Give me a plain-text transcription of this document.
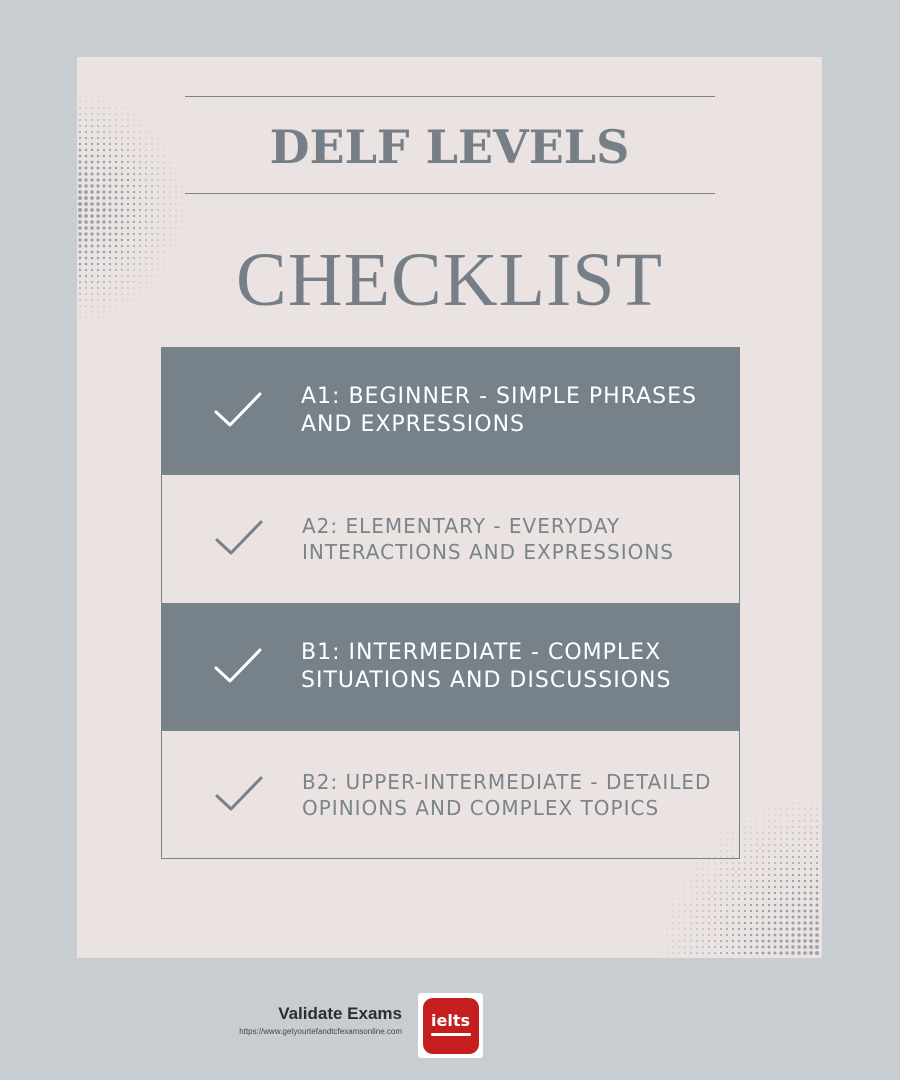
DELF LEVELS
CHECKLIST
A1: BEGINNER - SIMPLE PHRASES AND EXPRESSIONS
A2: ELEMENTARY - EVERYDAY INTERACTIONS AND EXPRESSIONS
B1: INTERMEDIATE - COMPLEX SITUATIONS AND DISCUSSIONS
B2: UPPER-INTERMEDIATE - DETAILED OPINIONS AND COMPLEX TOPICS
Validate Exams
https://www.getyourtefandtcfexamsonline.com
ielts
